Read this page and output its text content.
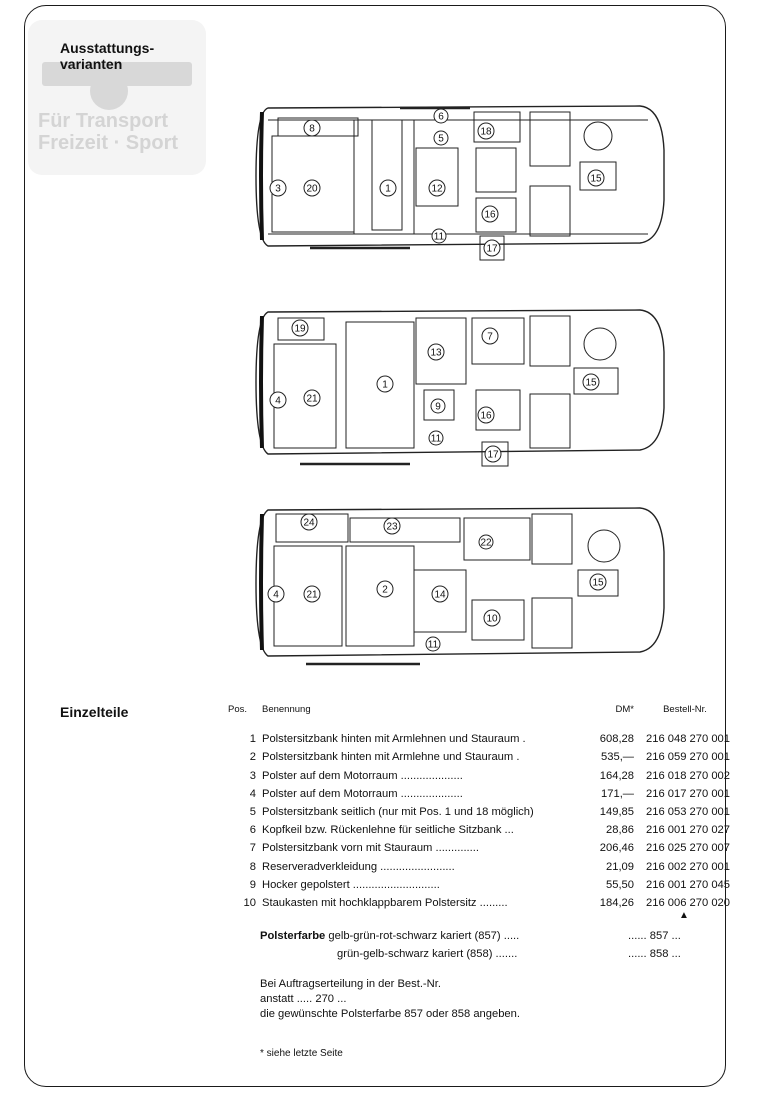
Für Transport
Freizeit · Sport
Ausstattungs-
varianten
8
6
5
18
3	20	1	12
15
16
11
17
19
13
7
4	21
1	15
9
16
11
17
24	23
22
4	21	2	14
10
15
11
Einzelteile	Pos.	Benennung	DM*	Bestell-Nr.

1	Polstersitzbank hinten mit Armlehnen und Stauraum .	608,28	216 048 270 001
2	Polstersitzbank hinten mit Armlehne und Stauraum .	535,—	216 059 270 001
3	Polster auf dem Motorraum ....................	164,28	216 018 270 002
4	Polster auf dem Motorraum ....................	171,—	216 017 270 001
5	Polstersitzbank seitlich (nur mit Pos. 1 und 18 möglich)	149,85	216 053 270 001
6	Kopfkeil bzw. Rückenlehne für seitliche Sitzbank ...	28,86	216 001 270 027
7	Polstersitzbank vorn mit Stauraum ..............	206,46	216 025 270 007
8	Reserveradverkleidung ........................	21,09	216 002 270 001
9	Hocker gepolstert ............................	55,50	216 001 270 045
10	Staukasten mit hochklappbarem Polstersitz .........	184,26	216 006 270 020
▲
Polsterfarbe gelb-grün-rot-schwarz kariert (857) .....	...... 857 ...
grün-gelb-schwarz kariert (858) .......	...... 858 ...
Bei Auftragserteilung in der Best.-Nr.
anstatt ..... 270 ...
die gewünschte Polsterfarbe 857 oder 858 angeben.
* siehe letzte Seite
